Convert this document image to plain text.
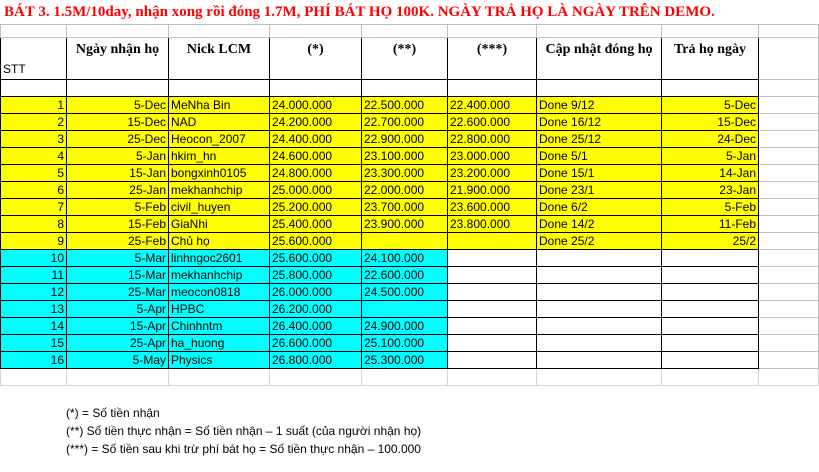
BÁT 3. 1.5M/10day, nhận xong rồi đóng 1.7M, PHÍ BÁT HỌ 100K. NGÀY TRẢ HỌ LÀ NGÀY TRÊN DEMO.

STT	Ngày nhận họ	Nick LCM	(*)	(**)	(***)	Cập nhật đóng họ	Trả họ ngày	

1	5-Dec	MeNha Bin	24.000.000	22.500.000	22.400.000	Done 9/12	5-Dec	
2	15-Dec	NAD	24.200.000	22.700.000	22.600.000	Done 16/12	15-Dec	
3	25-Dec	Heocon_2007	24.400.000	22.900.000	22.800.000	Done 25/12	24-Dec	
4	5-Jan	hkim_hn	24.600.000	23.100.000	23.000.000	Done 5/1	5-Jan	
5	15-Jan	bongxinh0105	24.800.000	23.300.000	23.200.000	Done 15/1	14-Jan	
6	25-Jan	mekhanhchip	25.000.000	22.000.000	21.900.000	Done 23/1	23-Jan	
7	5-Feb	civil_huyen	25.200.000	23.700.000	23.600.000	Done 6/2	5-Feb	
8	15-Feb	GiaNhi	25.400.000	23.900.000	23.800.000	Done 14/2	11-Feb	
9	25-Feb	Chủ họ	25.600.000			Done 25/2	25/2	
10	5-Mar	linhngoc2601	25.600.000	24.100.000				
11	15-Mar	mekhanhchip	25.800.000	22.600.000				
12	25-Mar	meocon0818	26.000.000	24.500.000				
13	5-Apr	HPBC	26.200.000					
14	15-Apr	Chinhntm	26.400.000	24.900.000				
15	25-Apr	ha_huong	26.600.000	25.100.000				
16	5-May	Physics	26.800.000	25.300.000				

(*) = Số tiền nhận
(**) Số tiền thực nhận = Số tiền nhận – 1 suất (của người nhận họ)
(***) = Số tiền sau khi trừ phí bát họ = Số tiền thực nhận – 100.000
